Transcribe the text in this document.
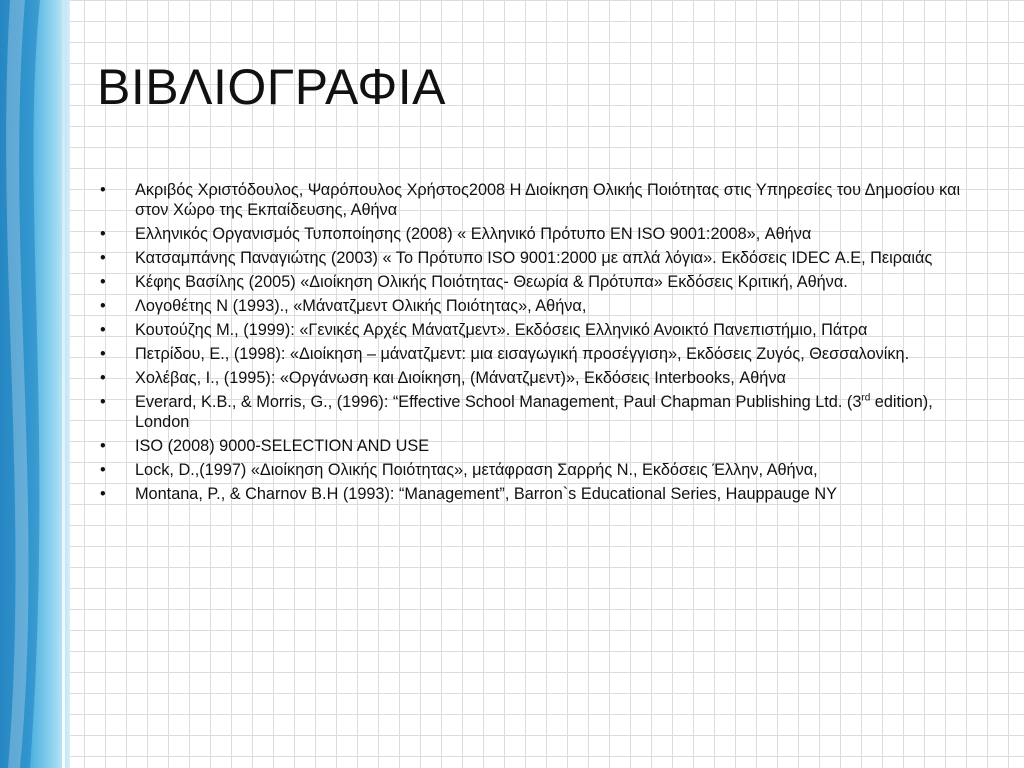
ΒΙΒΛΙΟΓΡΑΦΙΑ
• Ακριβός Χριστόδουλος, Ψαρόπουλος Χρήστος2008 Η Διοίκηση Ολικής Ποιότητας στις Υπηρεσίες του Δημοσίου και στον Χώρο της Εκπαίδευσης, Αθήνα
• Ελληνικός Οργανισμός Τυποποίησης (2008) « Ελληνικό Πρότυπο ΕΝ ISO 9001:2008», Αθήνα
• Κατσαμπάνης Παναγιώτης (2003) « Το Πρότυπο ISO 9001:2000 με απλά λόγια». Εκδόσεις IDEC Α.Ε, Πειραιάς
• Κέφης Βασίλης (2005) «Διοίκηση Ολικής Ποιότητας- Θεωρία & Πρότυπα» Εκδόσεις Κριτική, Αθήνα.
• Λογοθέτης Ν (1993)., «Μάνατζμεντ Ολικής Ποιότητας», Αθήνα,
• Κουτούζης Μ., (1999): «Γενικές Αρχές Μάνατζμεντ». Εκδόσεις Ελληνικό Ανοικτό Πανεπιστήμιο, Πάτρα
• Πετρίδου, Ε., (1998): «Διοίκηση – μάνατζμεντ: μια εισαγωγική προσέγγιση», Εκδόσεις Ζυγός, Θεσσαλονίκη.
• Χολέβας, Ι., (1995): «Οργάνωση και Διοίκηση, (Μάνατζμεντ)», Εκδόσεις Interbooks, Αθήνα
• Everard, K.B., & Morris, G., (1996): “Effective School Management, Paul Chapman Publishing Ltd. (3rd edition), London
• ISO (2008) 9000-SELECTION AND USE
• Lock, D.,(1997) «Διοίκηση Ολικής Ποιότητας», μετάφραση Σαρρής Ν., Εκδόσεις Έλλην, Αθήνα,
• Montana, P., & Charnov B.H (1993): “Management”, Barron`s Educational Series, Hauppauge NY
